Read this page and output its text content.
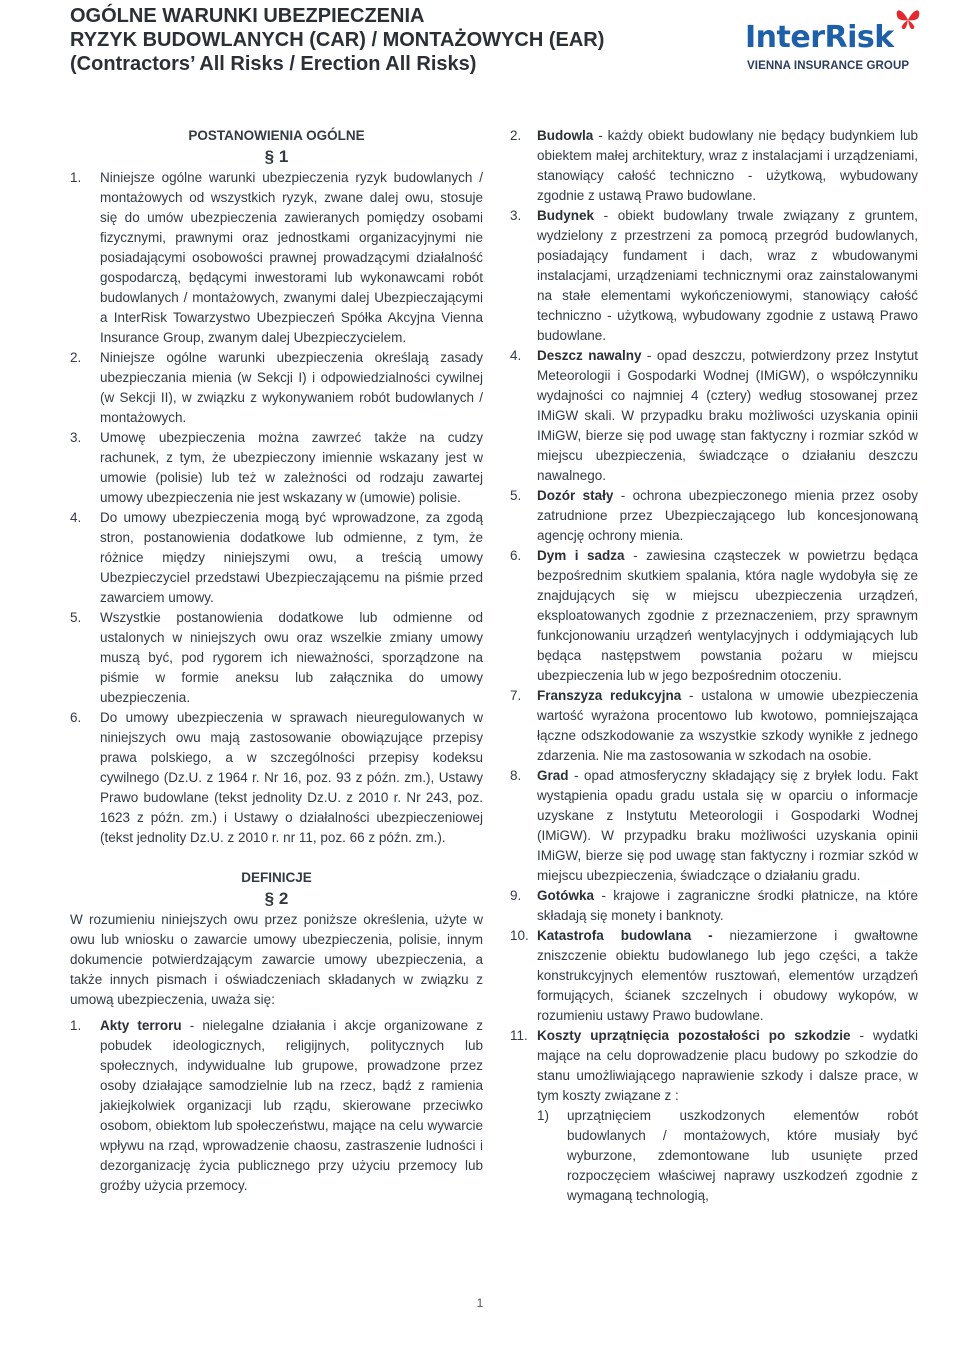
OGÓLNE WARUNKI UBEZPIECZENIA
RYZYK BUDOWLANYCH (CAR) / MONTAŻOWYCH (EAR)
(Contractors’ All Risks / Erection All Risks)
InterRisk
VIENNA INSURANCE GROUP
POSTANOWIENIA OGÓLNE
§ 1
1.	Niniejsze ogólne warunki ubezpieczenia ryzyk budowlanych / montażowych od wszystkich ryzyk, zwane dalej owu, stosuje się do umów ubezpieczenia zawieranych pomiędzy osobami fizycznymi, prawnymi oraz jednostkami organizacyjnymi nie posiadającymi osobowości prawnej prowadzącymi działalność gospodarczą, będącymi inwestorami lub wykonawcami robót budowlanych / montażowych, zwanymi dalej Ubezpieczającymi a InterRisk Towarzystwo Ubezpieczeń Spółka Akcyjna Vienna Insurance Group, zwanym dalej Ubezpieczycielem.
2.	Niniejsze ogólne warunki ubezpieczenia określają zasady ubezpieczania mienia (w Sekcji I) i odpowiedzialności cywilnej (w Sekcji II), w związku z wykonywaniem robót budowlanych / montażowych.
3.	Umowę ubezpieczenia można zawrzeć także na cudzy rachunek, z tym, że ubezpieczony imiennie wskazany jest w umowie (polisie) lub też w zależności od rodzaju zawartej umowy ubezpieczenia nie jest wskazany w (umowie) polisie.
4.	Do umowy ubezpieczenia mogą być wprowadzone, za zgodą stron, postanowienia dodatkowe lub odmienne, z tym, że różnice między niniejszymi owu, a treścią umowy Ubezpieczyciel przedstawi Ubezpieczającemu na piśmie przed zawarciem umowy.
5.	Wszystkie postanowienia dodatkowe lub odmienne od ustalonych w niniejszych owu oraz wszelkie zmiany umowy muszą być, pod rygorem ich nieważności, sporządzone na piśmie w formie aneksu lub załącznika do umowy ubezpieczenia.
6.	Do umowy ubezpieczenia w sprawach nieuregulowanych w niniejszych owu mają zastosowanie obowiązujące przepisy prawa polskiego, a w szczególności przepisy kodeksu cywilnego (Dz.U. z 1964 r. Nr 16, poz. 93 z późn. zm.), Ustawy Prawo budowlane (tekst jednolity Dz.U. z 2010 r. Nr 243, poz. 1623 z późn. zm.) i Ustawy o działalności ubezpieczeniowej (tekst jednolity Dz.U. z 2010 r. nr 11, poz. 66 z późn. zm.).
DEFINICJE
§ 2
W rozumieniu niniejszych owu przez poniższe określenia, użyte w owu lub wniosku o zawarcie umowy ubezpieczenia, polisie, innym dokumencie potwierdzającym zawarcie umowy ubezpieczenia, a także innych pismach i oświadczeniach składanych w związku z umową ubezpieczenia, uważa się:
1.	Akty terroru - nielegalne działania i akcje organizowane z pobudek ideologicznych, religijnych, politycznych lub społecznych, indywidualne lub grupowe, prowadzone przez osoby działające samodzielnie lub na rzecz, bądź z ramienia jakiejkolwiek organizacji lub rządu, skierowane przeciwko osobom, obiektom lub społeczeństwu, mające na celu wywarcie wpływu na rząd, wprowadzenie chaosu, zastraszenie ludności i dezorganizację życia publicznego przy użyciu przemocy lub groźby użycia przemocy.
2.	Budowla - każdy obiekt budowlany nie będący budynkiem lub obiektem małej architektury, wraz z instalacjami i urządzeniami, stanowiący całość techniczno - użytkową, wybudowany zgodnie z ustawą Prawo budowlane.
3.	Budynek - obiekt budowlany trwale związany z gruntem, wydzielony z przestrzeni za pomocą przegród budowlanych, posiadający fundament i dach, wraz z wbudowanymi instalacjami, urządzeniami technicznymi oraz zainstalowanymi na stałe elementami wykończeniowymi, stanowiący całość techniczno - użytkową, wybudowany zgodnie z ustawą Prawo budowlane.
4.	Deszcz nawalny - opad deszczu, potwierdzony przez Instytut Meteorologii i Gospodarki Wodnej (IMiGW), o współczynniku wydajności co najmniej 4 (cztery) według stosowanej przez IMiGW skali. W przypadku braku możliwości uzyskania opinii IMiGW, bierze się pod uwagę stan faktyczny i rozmiar szkód w miejscu ubezpieczenia, świadczące o działaniu deszczu nawalnego.
5.	Dozór stały - ochrona ubezpieczonego mienia przez osoby zatrudnione przez Ubezpieczającego lub koncesjonowaną agencję ochrony mienia.
6.	Dym i sadza - zawiesina cząsteczek w powietrzu będąca bezpośrednim skutkiem spalania, która nagle wydobyła się ze znajdujących się w miejscu ubezpieczenia urządzeń, eksploatowanych zgodnie z przeznaczeniem, przy sprawnym funkcjonowaniu urządzeń wentylacyjnych i oddymiających lub będąca następstwem powstania pożaru w miejscu ubezpieczenia lub w jego bezpośrednim otoczeniu.
7.	Franszyza redukcyjna - ustalona w umowie ubezpieczenia wartość wyrażona procentowo lub kwotowo, pomniejszająca łączne odszkodowanie za wszystkie szkody wynikłe z jednego zdarzenia. Nie ma zastosowania w szkodach na osobie.
8.	Grad - opad atmosferyczny składający się z bryłek lodu. Fakt wystąpienia opadu gradu ustala się w oparciu o informacje uzyskane z Instytutu Meteorologii i Gospodarki Wodnej (IMiGW). W przypadku braku możliwości uzyskania opinii IMiGW, bierze się pod uwagę stan faktyczny i rozmiar szkód w miejscu ubezpieczenia, świadczące o działaniu gradu.
9.	Gotówka - krajowe i zagraniczne środki płatnicze, na które składają się monety i banknoty.
10. Katastrofa budowlana - niezamierzone i gwałtowne zniszczenie obiektu budowlanego lub jego części, a także konstrukcyjnych elementów rusztowań, elementów urządzeń formujących, ścianek szczelnych i obudowy wykopów, w rozumieniu ustawy Prawo budowlane.
11. Koszty uprzątnięcia pozostałości po szkodzie - wydatki mające na celu doprowadzenie placu budowy po szkodzie do stanu umożliwiającego naprawienie szkody i dalsze prace, w tym koszty związane z :
1)	uprzątnięciem uszkodzonych elementów robót budowlanych / montażowych, które musiały być wyburzone, zdemontowane lub usunięte przed rozpoczęciem właściwej naprawy uszkodzeń zgodnie z wymaganą technologią,
1
